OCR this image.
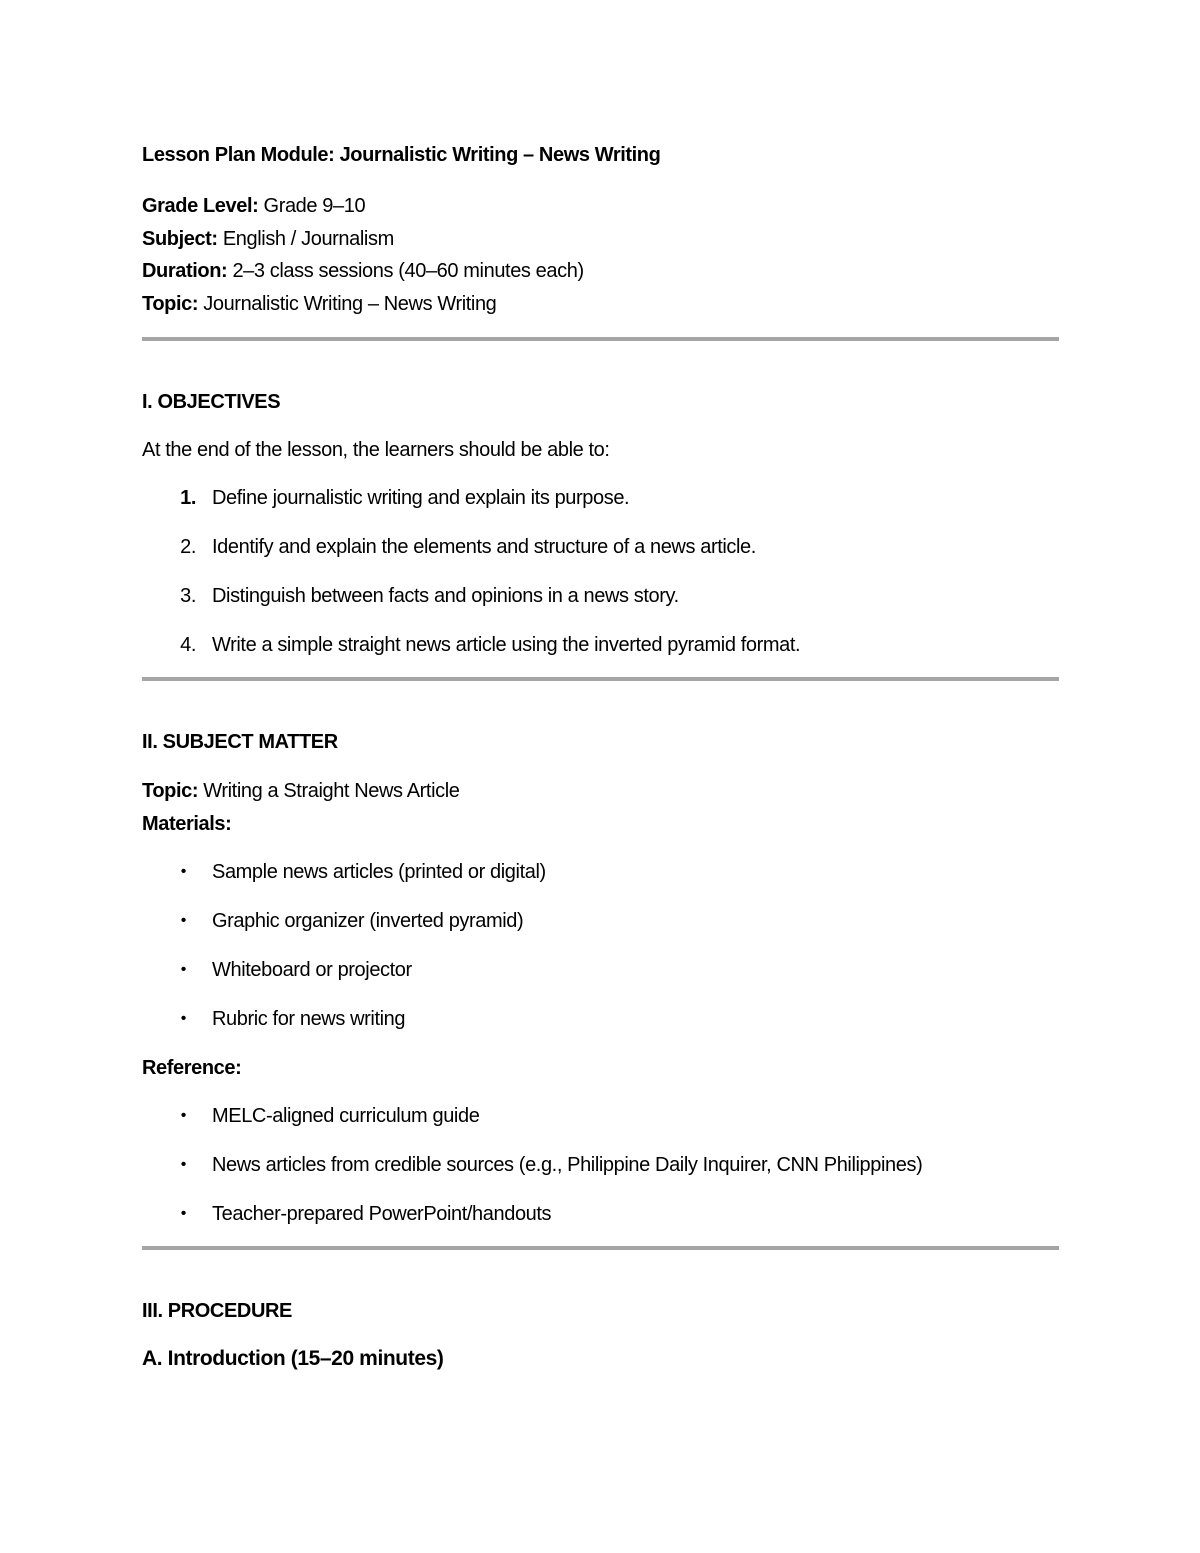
Lesson Plan Module: Journalistic Writing – News Writing

Grade Level: Grade 9–10

Subject: English / Journalism

Duration: 2–3 class sessions (40–60 minutes each)

Topic: Journalistic Writing – News Writing

I. OBJECTIVES
At the end of the lesson, the learners should be able to:
1. Define journalistic writing and explain its purpose.
2. Identify and explain the elements and structure of a news article.
3. Distinguish between facts and opinions in a news story.
4. Write a simple straight news article using the inverted pyramid format.
II. SUBJECT MATTER

Topic: Writing a Straight News Article

Materials:

•	Sample news articles (printed or digital)
•	Graphic organizer (inverted pyramid)
•	Whiteboard or projector
•	Rubric for news writing
Reference:
•	MELC-aligned curriculum guide
•	News articles from credible sources (e.g., Philippine Daily Inquirer, CNN Philippines)
•	Teacher-prepared PowerPoint/handouts
III. PROCEDURE
A. Introduction (15–20 minutes)
